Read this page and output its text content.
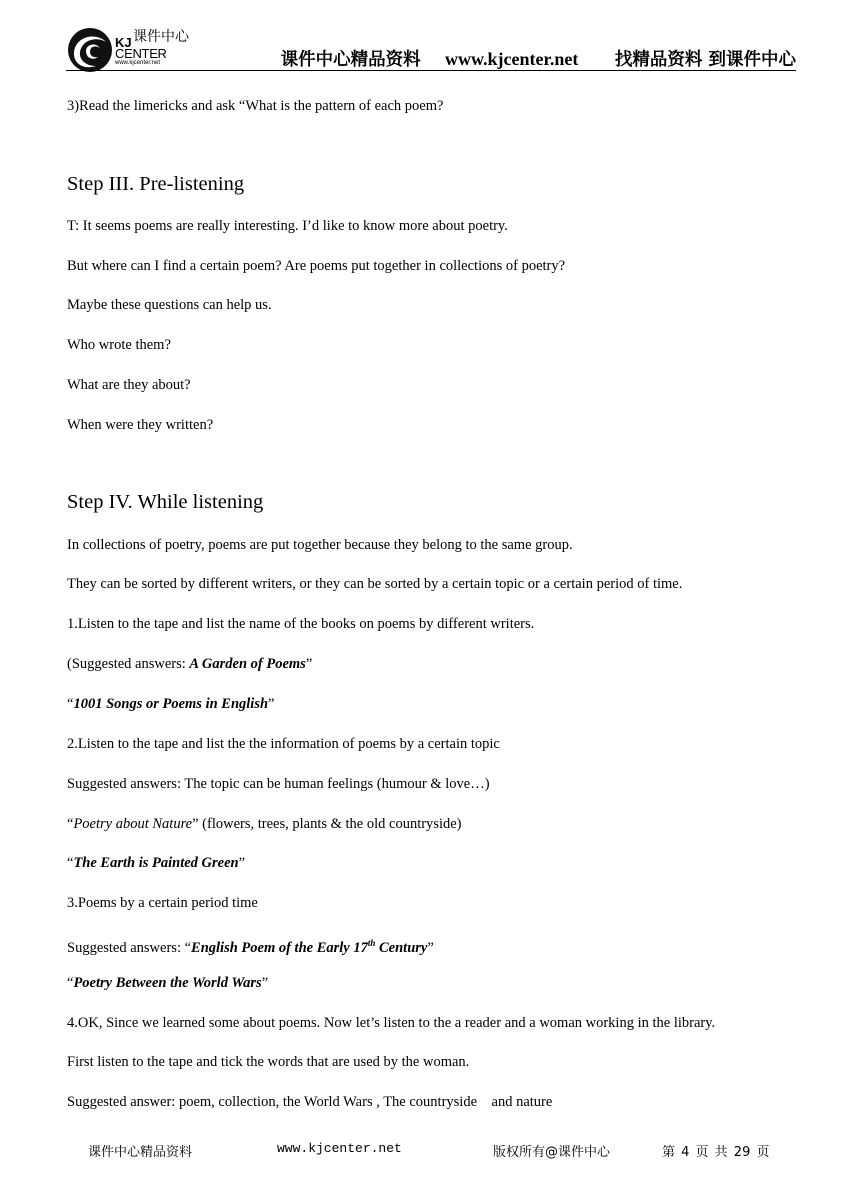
课件中心
KJ
CENTER
www.kjcenter.net	课件中心精品资料 www.kjcenter.net 找精品资料 到课件中心
3)Read the limericks and ask “What is the pattern of each poem?
Step III. Pre-listening
T: It seems poems are really interesting. I’d like to know more about poetry.
But where can I find a certain poem? Are poems put together in collections of poetry?
Maybe these questions can help us.
Who wrote them?
What are they about?
When were they written?
Step IV. While listening
In collections of poetry, poems are put together because they belong to the same group.
They can be sorted by different writers, or they can be sorted by a certain topic or a certain period of time.
1.Listen to the tape and list the name of the books on poems by different writers.
(Suggested answers: A Garden of Poems”
“1001 Songs or Poems in English”
2.Listen to the tape and list the the information of poems by a certain topic
Suggested answers: The topic can be human feelings (humour & love…)
“Poetry about Nature” (flowers, trees, plants & the old countryside)
“The Earth is Painted Green”
3.Poems by a certain period time
Suggested answers: “English Poem of the Early 17th Century”
“Poetry Between the World Wars”
4.OK, Since we learned some about poems. Now let’s listen to the a reader and a woman working in the library.
First listen to the tape and tick the words that are used by the woman.
Suggested answer: poem, collection, the World Wars , The countryside    and nature
课件中心精品资料	www.kjcenter.net	版权所有@课件中心	第 4 页 共 29 页
